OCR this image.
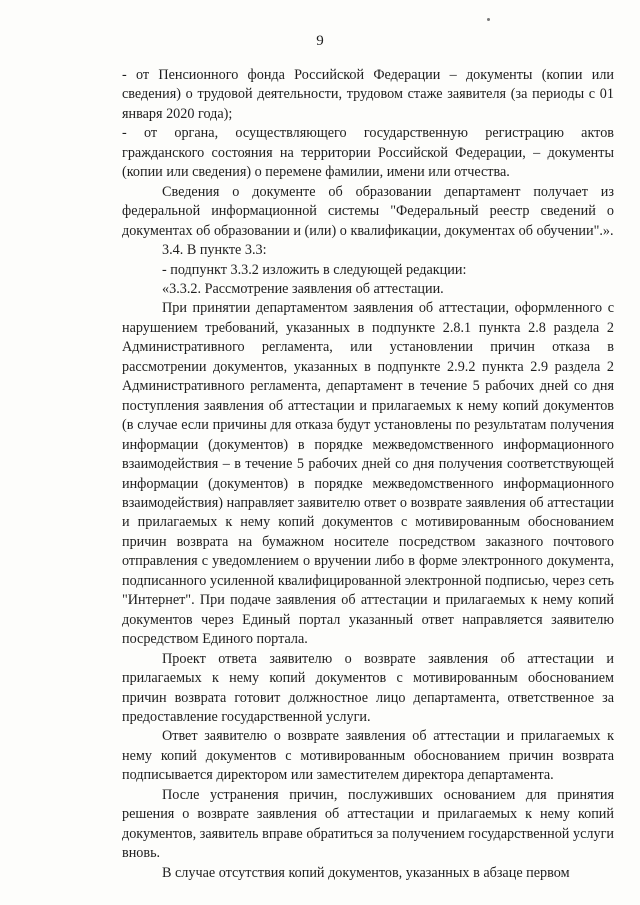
9

- от Пенсионного фонда Российской Федерации – документы (копии или сведения) о трудовой деятельности, трудовом стаже заявителя (за периоды с 01 января 2020 года);

- от органа, осуществляющего государственную регистрацию актов гражданского состояния на территории Российской Федерации, – документы (копии или сведения) о перемене фамилии, имени или отчества.

Сведения о документе об образовании департамент получает из федеральной информационной системы "Федеральный реестр сведений о документах об образовании и (или) о квалификации, документах об обучении".».

3.4. В пункте 3.3:

- подпункт 3.3.2 изложить в следующей редакции:

«3.3.2. Рассмотрение заявления об аттестации.

При принятии департаментом заявления об аттестации, оформленного с нарушением требований, указанных в подпункте 2.8.1 пункта 2.8 раздела 2 Административного регламента, или установлении причин отказа в рассмотрении документов, указанных в подпункте 2.9.2 пункта 2.9 раздела 2 Административного регламента, департамент в течение 5 рабочих дней со дня поступления заявления об аттестации и прилагаемых к нему копий документов (в случае если причины для отказа будут установлены по результатам получения информации (документов) в порядке межведомственного информационного взаимодействия – в течение 5 рабочих дней со дня получения соответствующей информации (документов) в порядке межведомственного информационного взаимодействия) направляет заявителю ответ о возврате заявления об аттестации и прилагаемых к нему копий документов с мотивированным обоснованием причин возврата на бумажном носителе посредством заказного почтового отправления с уведомлением о вручении либо в форме электронного документа, подписанного усиленной квалифицированной электронной подписью, через сеть "Интернет". При подаче заявления об аттестации и прилагаемых к нему копий документов через Единый портал указанный ответ направляется заявителю посредством Единого портала.

Проект ответа заявителю о возврате заявления об аттестации и прилагаемых к нему копий документов с мотивированным обоснованием причин возврата готовит должностное лицо департамента, ответственное за предоставление государственной услуги.

Ответ заявителю о возврате заявления об аттестации и прилагаемых к нему копий документов с мотивированным обоснованием причин возврата подписывается директором или заместителем директора департамента.

После устранения причин, послуживших основанием для принятия решения о возврате заявления об аттестации и прилагаемых к нему копий документов, заявитель вправе обратиться за получением государственной услуги вновь.

В случае отсутствия копий документов, указанных в абзаце первом
